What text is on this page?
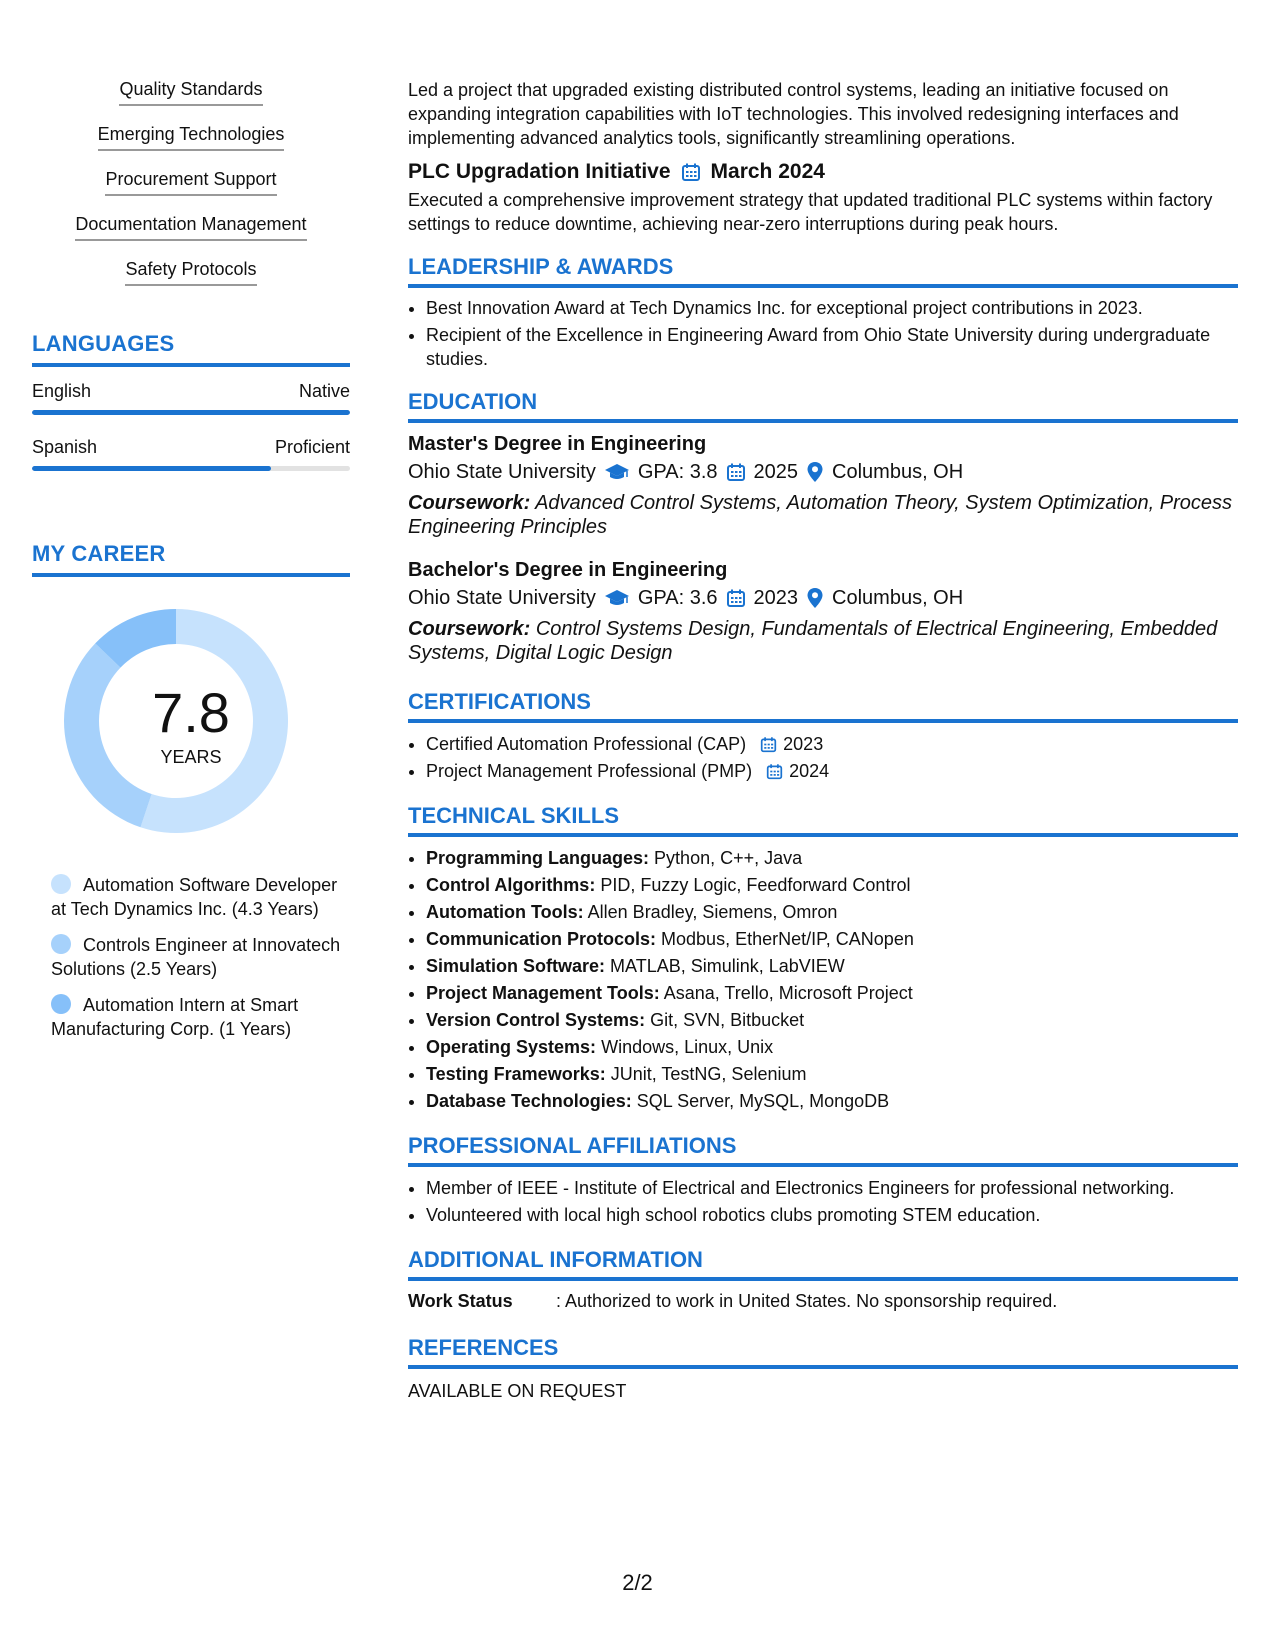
Quality Standards
Emerging Technologies
Procurement Support
Documentation Management
Safety Protocols
LANGUAGES
English	Native
Spanish	Proficient
MY CAREER
7.8
YEARS
Automation Software Developer at Tech Dynamics Inc. (4.3 Years)
Controls Engineer at Innovatech Solutions (2.5 Years)
Automation Intern at Smart Manufacturing Corp. (1 Years)
Led a project that upgraded existing distributed control systems, leading an initiative focused on expanding integration capabilities with IoT technologies. This involved redesigning interfaces and implementing advanced analytics tools, significantly streamlining operations.
PLC Upgradation Initiative March 2024
Executed a comprehensive improvement strategy that updated traditional PLC systems within factory settings to reduce downtime, achieving near-zero interruptions during peak hours.
LEADERSHIP & AWARDS
• Best Innovation Award at Tech Dynamics Inc. for exceptional project contributions in 2023.
• Recipient of the Excellence in Engineering Award from Ohio State University during undergraduate studies.
EDUCATION
Master's Degree in Engineering
Ohio State University GPA: 3.8 2025 Columbus, OH
Coursework: Advanced Control Systems, Automation Theory, System Optimization, Process Engineering Principles
Bachelor's Degree in Engineering
Ohio State University GPA: 3.6 2023 Columbus, OH
Coursework: Control Systems Design, Fundamentals of Electrical Engineering, Embedded Systems, Digital Logic Design
CERTIFICATIONS
• Certified Automation Professional (CAP) 2023
• Project Management Professional (PMP) 2024
TECHNICAL SKILLS
• Programming Languages: Python, C++, Java
• Control Algorithms: PID, Fuzzy Logic, Feedforward Control
• Automation Tools: Allen Bradley, Siemens, Omron
• Communication Protocols: Modbus, EtherNet/IP, CANopen
• Simulation Software: MATLAB, Simulink, LabVIEW
• Project Management Tools: Asana, Trello, Microsoft Project
• Version Control Systems: Git, SVN, Bitbucket
• Operating Systems: Windows, Linux, Unix
• Testing Frameworks: JUnit, TestNG, Selenium
• Database Technologies: SQL Server, MySQL, MongoDB
PROFESSIONAL AFFILIATIONS
• Member of IEEE - Institute of Electrical and Electronics Engineers for professional networking.
• Volunteered with local high school robotics clubs promoting STEM education.
ADDITIONAL INFORMATION
Work Status	: Authorized to work in United States. No sponsorship required.
REFERENCES
AVAILABLE ON REQUEST
2/2
